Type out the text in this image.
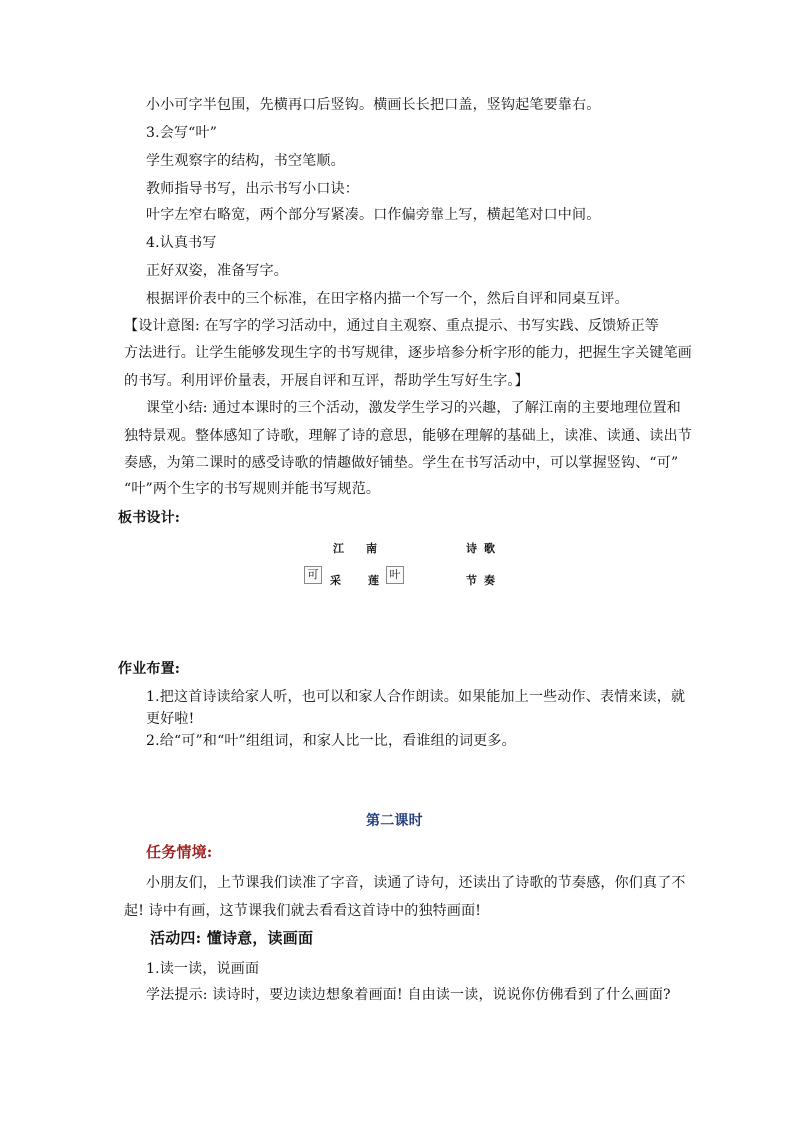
小小可字半包围，先横再口后竖钩。横画长长把口盖，竖钩起笔要靠右。
3.会写“叶”
学生观察字的结构，书空笔顺。
教师指导书写，出示书写小口诀：
叶字左窄右略宽，两个部分写紧凑。口作偏旁靠上写，横起笔对口中间。
4.认真书写
正好双姿，准备写字。
根据评价表中的三个标准，在田字格内描一个写一个，然后自评和同桌互评。
【设计意图: 在写字的学习活动中，通过自主观察、重点提示、书写实践、反馈矫正等
方法进行。让学生能够发现生字的书写规律，逐步培参分析字形的能力，把握生字关键笔画
的书写。利用评价量表，开展自评和互评，帮助学生写好生字。】
课堂小结: 通过本课时的三个活动，激发学生学习的兴趣，了解江南的主要地理位置和
独特景观。整体感知了诗歌，理解了诗的意思，能够在理解的基础上，读准、读通、读出节
奏感，为第二课时的感受诗歌的情趣做好铺垫。学生在书写活动中，可以掌握竖钩、“可”
“叶”两个生字的书写规则并能书写规范。
板书设计:
江 南	诗 歌
可	采 莲 叶	节 奏
作业布置:
1.把这首诗读给家人听，也可以和家人合作朗读。如果能加上一些动作、表情来读，就
更好啦!
2.给“可”和“叶”组组词，和家人比一比，看谁组的词更多。
第二课时
任务情境:
小朋友们，上节课我们读准了字音，读通了诗句，还读出了诗歌的节奏感，你们真了不
起! 诗中有画，这节课我们就去看看这首诗中的独特画面!
活动四: 懂诗意，读画面
1.读一读，说画面
学法提示: 读诗时，要边读边想象着画面! 自由读一读，说说你仿佛看到了什么画面?
